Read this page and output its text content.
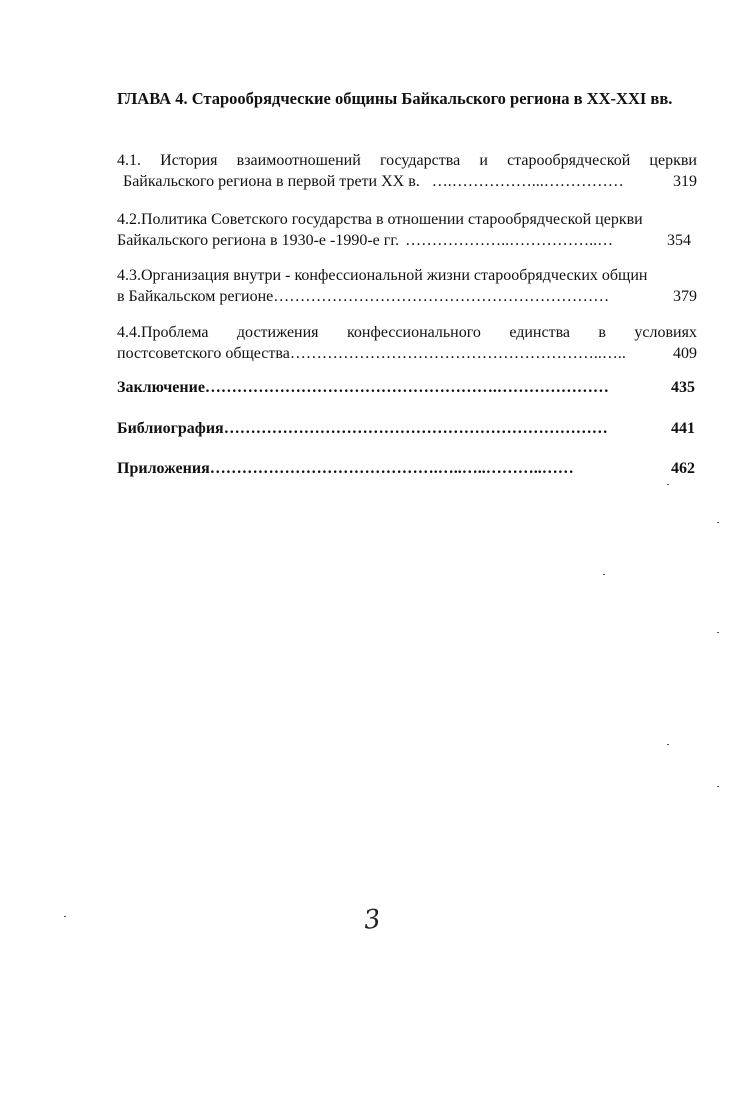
ГЛАВА 4. Старообрядческие общины Байкальского региона в XX-XXI вв.

4.1. История взаимоотношений государства и старообрядческой церкви

Байкальского региона в первой трети XX в. ….……………...……………	319

4.2.Политика Советского государства в отношении старообрядческой церкви

Байкальского региона в 1930-е -1990-е гг. ………………..……………..…	354

4.3.Организация внутри - конфессиональной жизни старообрядческих общин

в Байкальском регионе ………………………………………………………	379

4.4.Проблема достижения конфессионального единства в условиях

постсоветского общества …………………………………………………..…..	409

Заключение ……………………………………………….…………………	435
Библиография ………………………………………………………………	441
Приложения …………………………………….…..…..………..……	462
3
